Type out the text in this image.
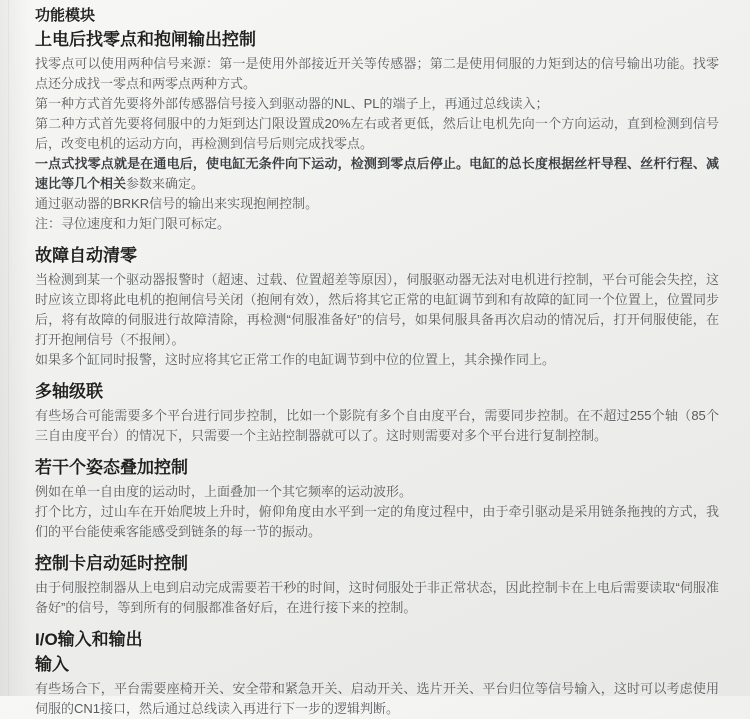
功能模块
上电后找零点和抱闸输出控制

找零点可以使用两种信号来源：第一是使用外部接近开关等传感器；第二是使用伺服的力矩到达的信号输出功能。找零点还分成找一零点和两零点两种方式。

第一种方式首先要将外部传感器信号接入到驱动器的NL、PL的端子上，再通过总线读入；

第二种方式首先要将伺服中的力矩到达门限设置成20%左右或者更低，然后让电机先向一个方向运动，直到检测到信号后，改变电机的运动方向，再检测到信号后则完成找零点。

一点式找零点就是在通电后，使电缸无条件向下运动，检测到零点后停止。电缸的总长度根据丝杆导程、丝杆行程、减速比等几个相关参数来确定。

通过驱动器的BRKR信号的输出来实现抱闸控制。

注：寻位速度和力矩门限可标定。

故障自动清零

当检测到某一个驱动器报警时（超速、过载、位置超差等原因），伺服驱动器无法对电机进行控制，平台可能会失控，这时应该立即将此电机的抱闸信号关闭（抱闸有效），然后将其它正常的电缸调节到和有故障的缸同一个位置上，位置同步后，将有故障的伺服进行故障清除，再检测“伺服准备好”的信号，如果伺服具备再次启动的情况后，打开伺服使能，在打开抱闸信号（不报闸）。

如果多个缸同时报警，这时应将其它正常工作的电缸调节到中位的位置上，其余操作同上。

多轴级联

有些场合可能需要多个平台进行同步控制，比如一个影院有多个自由度平台，需要同步控制。在不超过255个轴（85个三自由度平台）的情况下，只需要一个主站控制器就可以了。这时则需要对多个平台进行复制控制。

若干个姿态叠加控制

例如在单一自由度的运动时，上面叠加一个其它频率的运动波形。

打个比方，过山车在开始爬坡上升时，俯仰角度由水平到一定的角度过程中，由于牵引驱动是采用链条拖拽的方式，我们的平台能使乘客能感受到链条的每一节的振动。

控制卡启动延时控制

由于伺服控制器从上电到启动完成需要若干秒的时间，这时伺服处于非正常状态，因此控制卡在上电后需要读取“伺服准备好”的信号，等到所有的伺服都准备好后，在进行接下来的控制。

I/O输入和输出
输入

有些场合下，平台需要座椅开关、安全带和紧急开关、启动开关、选片开关、平台归位等信号输入，这时可以考虑使用伺服的CN1接口，然后通过总线读入再进行下一步的逻辑判断。
